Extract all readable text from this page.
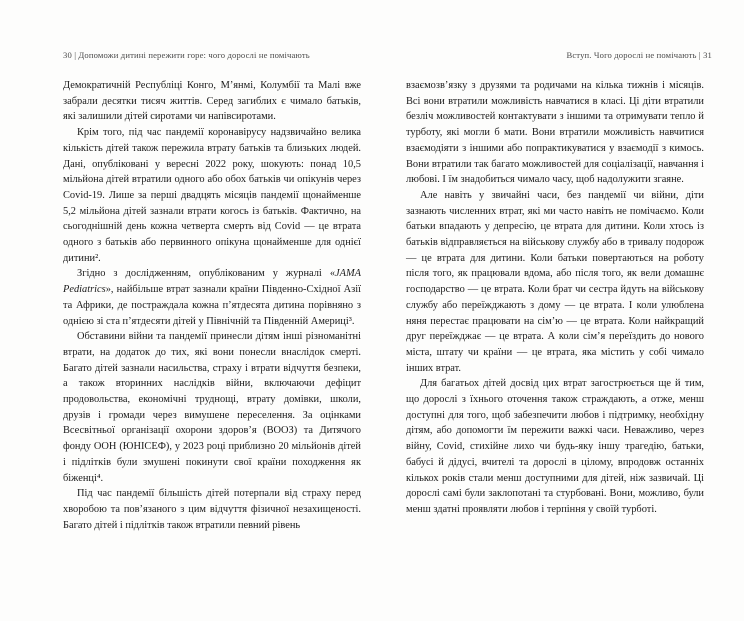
30 | Допоможи дитині пережити горе: чого дорослі не помічають	Вступ. Чого дорослі не помічають | 31

Демократичній Республіці Конго, М’янмі, Колумбії та Малі вже забрали десятки тисяч життів. Серед загиблих є чимало батьків, які залишили дітей сиротами чи напівсиротами.

Крім того, під час пандемії коронавірусу надзвичайно велика кількість дітей також пережила втрату батьків та близьких людей. Дані, опубліковані у вересні 2022 року, шокують: понад 10,5 мільйона дітей втратили одного або обох батьків чи опікунів через Covid-19. Лише за перші двадцять місяців пандемії щонайменше 5,2 мільйона дітей зазнали втрати когось із батьків. Фактично, на сьогоднішній день кожна четверта смерть від Covid — це втрата одного з батьків або первинного опікуна щонайменше для однієї дитини².

Згідно з дослідженням, опублікованим у журналі «JAMA Pediatrics», найбільше втрат зазнали країни Південно-Східної Азії та Африки, де постраждала кожна п’ятдесята дитина порівняно з однією зі ста п’ятдесяти дітей у Північній та Південній Америці³.

Обставини війни та пандемії принесли дітям інші різноманітні втрати, на додаток до тих, які вони понесли внаслідок смерті. Багато дітей зазнали насильства, страху і втрати відчуття безпеки, а також вторинних наслідків війни, включаючи дефіцит продовольства, економічні труднощі, втрату домівки, школи, друзів і громади через вимушене переселення. За оцінками Всесвітньої організації охорони здоров’я (ВООЗ) та Дитячого фонду ООН (ЮНІСЕФ), у 2023 році приблизно 20 мільйонів дітей і підлітків були змушені покинути свої країни походження як біженці⁴.

Під час пандемії більшість дітей потерпали від страху перед хворобою та пов’язаного з цим відчуття фізичної незахищеності. Багато дітей і підлітків також втратили певний рівень

взаємозв’язку з друзями та родичами на кілька тижнів і місяців. Всі вони втратили можливість навчатися в класі. Ці діти втратили безліч можливостей контактувати з іншими та отримувати тепло й турботу, які могли б мати. Вони втратили можливість навчитися взаємодіяти з іншими або попрактикуватися у взаємодії з кимось. Вони втратили так багато можливостей для соціалізації, навчання і любові. І їм знадобиться чимало часу, щоб надолужити згаяне.

Але навіть у звичайні часи, без пандемії чи війни, діти зазнають численних втрат, які ми часто навіть не помічаємо. Коли батьки впадають у депресію, це втрата для дитини. Коли хтось із батьків відправляється на військову службу або в тривалу подорож — це втрата для дитини. Коли батьки повертаються на роботу після того, як працювали вдома, або після того, як вели домашнє господарство — це втрата. Коли брат чи сестра йдуть на військову службу або переїжджають з дому — це втрата. І коли улюблена няня перестає працювати на сім’ю — це втрата. Коли найкращий друг переїжджає — це втрата. А коли сім’я переїздить до нового міста, штату чи країни — це втрата, яка містить у собі чимало інших втрат.

Для багатьох дітей досвід цих втрат загострюється ще й тим, що дорослі з їхнього оточення також страждають, а отже, менш доступні для того, щоб забезпечити любов і підтримку, необхідну дітям, або допомогти їм пережити важкі часи. Неважливо, через війну, Covid, стихійне лихо чи будь-яку іншу трагедію, батьки, бабусі й дідусі, вчителі та дорослі в цілому, впродовж останніх кількох років стали менш доступними для дітей, ніж зазвичай. Ці дорослі самі були заклопотані та стурбовані. Вони, можливо, були менш здатні проявляти любов і терпіння у своїй турботі.
